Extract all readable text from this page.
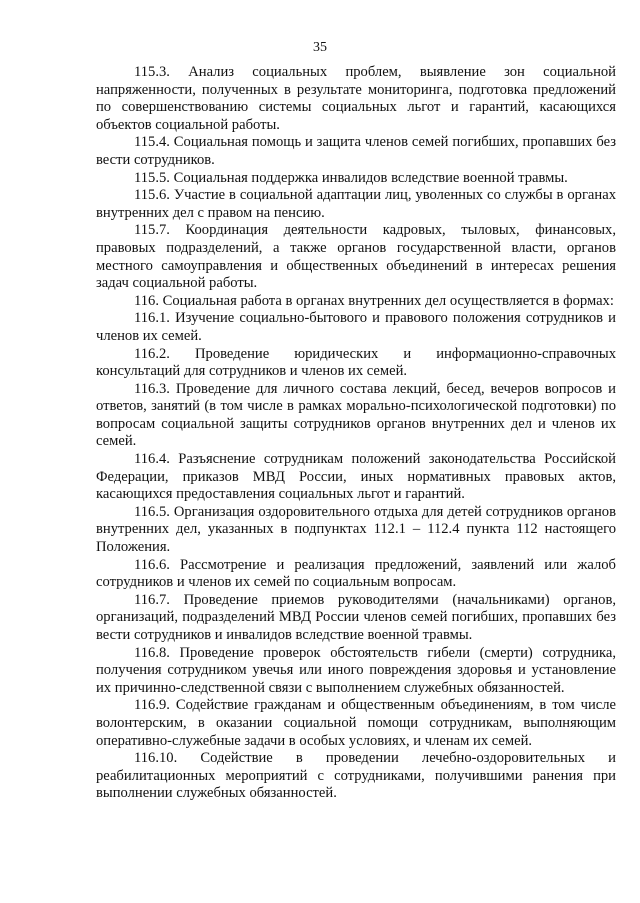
35

115.3. Анализ социальных проблем, выявление зон социальной напряженности, полученных в результате мониторинга, подготовка предложений по совершенствованию системы социальных льгот и гарантий, касающихся объектов социальной работы.

115.4. Социальная помощь и защита членов семей погибших, пропавших без вести сотрудников.

115.5. Социальная поддержка инвалидов вследствие военной травмы.

115.6. Участие в социальной адаптации лиц, уволенных со службы в органах внутренних дел с правом на пенсию.

115.7. Координация деятельности кадровых, тыловых, финансовых, правовых подразделений, а также органов государственной власти, органов местного самоуправления и общественных объединений в интересах решения задач социальной работы.

116. Социальная работа в органах внутренних дел осуществляется в формах:

116.1. Изучение социально-бытового и правового положения сотрудников и членов их семей.

116.2. Проведение юридических и информационно-справочных консультаций для сотрудников и членов их семей.

116.3. Проведение для личного состава лекций, бесед, вечеров вопросов и ответов, занятий (в том числе в рамках морально-психологической подготовки) по вопросам социальной защиты сотрудников органов внутренних дел и членов их семей.

116.4. Разъяснение сотрудникам положений законодательства Российской Федерации, приказов МВД России, иных нормативных правовых актов, касающихся предоставления социальных льгот и гарантий.

116.5. Организация оздоровительного отдыха для детей сотрудников органов внутренних дел, указанных в подпунктах 112.1 – 112.4 пункта 112 настоящего Положения.

116.6. Рассмотрение и реализация предложений, заявлений или жалоб сотрудников и членов их семей по социальным вопросам.

116.7. Проведение приемов руководителями (начальниками) органов, организаций, подразделений МВД России членов семей погибших, пропавших без вести сотрудников и инвалидов вследствие военной травмы.

116.8. Проведение проверок обстоятельств гибели (смерти) сотрудника, получения сотрудником увечья или иного повреждения здоровья и установление их причинно-следственной связи с выполнением служебных обязанностей.

116.9. Содействие гражданам и общественным объединениям, в том числе волонтерским, в оказании социальной помощи сотрудникам, выполняющим оперативно-служебные задачи в особых условиях, и членам их семей.

116.10. Содействие в проведении лечебно-оздоровительных и реабилитационных мероприятий с сотрудниками, получившими ранения при выполнении служебных обязанностей.
